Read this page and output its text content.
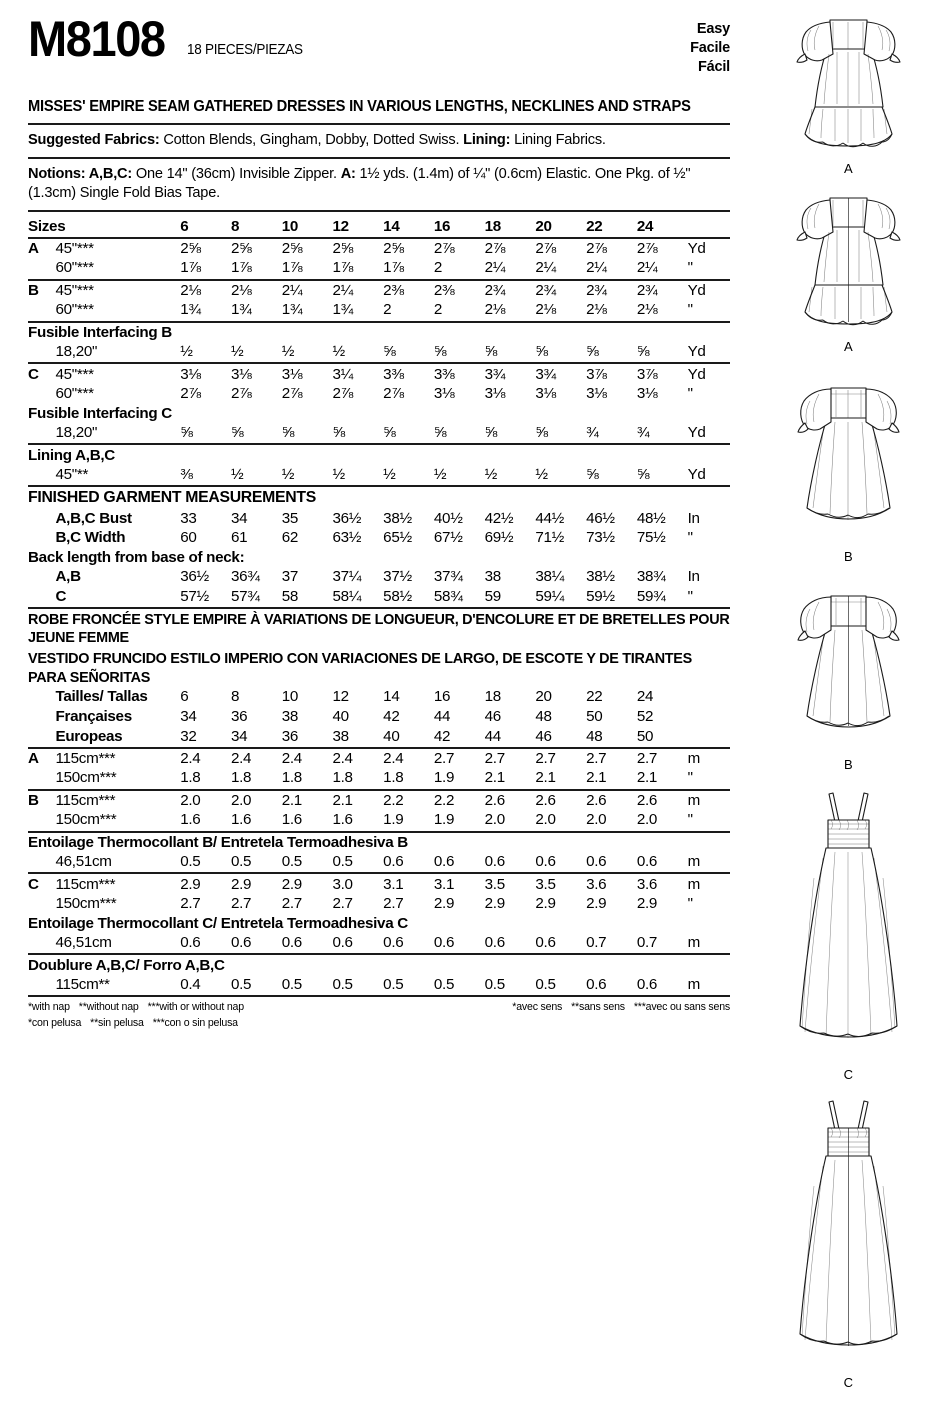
M8108 18 PIECES/PIEZAS
Easy
Facile
Fácil
MISSES' EMPIRE SEAM GATHERED DRESSES IN VARIOUS LENGTHS, NECKLINES AND STRAPS
Suggested Fabrics: Cotton Blends, Gingham, Dobby, Dotted Swiss. Lining: Lining Fabrics.
Notions: A,B,C: One 14" (36cm) Invisible Zipper. A: 1½ yds. (1.4m) of ¼" (0.6cm) Elastic. One Pkg. of ½" (1.3cm) Single Fold Bias Tape.
Sizes		6	8	10	12	14	16	18	20	22	24	
A	45"***	2⅝	2⅝	2⅝	2⅝	2⅝	2⅞	2⅞	2⅞	2⅞	2⅞	Yd
	60"***	1⅞	1⅞	1⅞	1⅞	1⅞	2	2¼	2¼	2¼	2¼	"
B	45"***	2⅛	2⅛	2¼	2¼	2⅜	2⅜	2¾	2¾	2¾	2¾	Yd
	60"***	1¾	1¾	1¾	1¾	2	2	2⅛	2⅛	2⅛	2⅛	"
Fusible Interfacing B												
	18,20"	½	½	½	½	⅝	⅝	⅝	⅝	⅝	⅝	Yd
C	45"***	3⅛	3⅛	3⅛	3¼	3⅜	3⅜	3¾	3¾	3⅞	3⅞	Yd
	60"***	2⅞	2⅞	2⅞	2⅞	2⅞	3⅛	3⅛	3⅛	3⅛	3⅛	"
Fusible Interfacing C												
	18,20"	⅝	⅝	⅝	⅝	⅝	⅝	⅝	⅝	¾	¾	Yd
Lining A,B,C												
	45"**	⅜	½	½	½	½	½	½	½	⅝	⅝	Yd
FINISHED GARMENT MEASUREMENTS
	A,B,C Bust	33	34	35	36½	38½	40½	42½	44½	46½	48½	In
	B,C Width	60	61	62	63½	65½	67½	69½	71½	73½	75½	"
Back length from base of neck:												
	A,B	36½	36¾	37	37¼	37½	37¾	38	38¼	38½	38¾	In
	C	57½	57¾	58	58¼	58½	58¾	59	59¼	59½	59¾	"
ROBE FRONCÉE STYLE EMPIRE À VARIATIONS DE LONGUEUR, D'ENCOLURE ET DE BRETELLES POUR JEUNE FEMME
VESTIDO FRUNCIDO ESTILO IMPERIO CON VARIACIONES DE LARGO, DE ESCOTE Y DE TIRANTES PARA SEÑORITAS
	Tailles/ Tallas	6	8	10	12	14	16	18	20	22	24	
	Françaises	34	36	38	40	42	44	46	48	50	52	
	Europeas	32	34	36	38	40	42	44	46	48	50	
A	115cm***	2.4	2.4	2.4	2.4	2.4	2.7	2.7	2.7	2.7	2.7	m
	150cm***	1.8	1.8	1.8	1.8	1.8	1.9	2.1	2.1	2.1	2.1	"
B	115cm***	2.0	2.0	2.1	2.1	2.2	2.2	2.6	2.6	2.6	2.6	m
	150cm***	1.6	1.6	1.6	1.6	1.9	1.9	2.0	2.0	2.0	2.0	"
Entoilage Thermocollant B/ Entretela Termoadhesiva B												
	46,51cm	0.5	0.5	0.5	0.5	0.6	0.6	0.6	0.6	0.6	0.6	m
C	115cm***	2.9	2.9	2.9	3.0	3.1	3.1	3.5	3.5	3.6	3.6	m
	150cm***	2.7	2.7	2.7	2.7	2.7	2.9	2.9	2.9	2.9	2.9	"
Entoilage Thermocollant C/ Entretela Termoadhesiva C												
	46,51cm	0.6	0.6	0.6	0.6	0.6	0.6	0.6	0.6	0.7	0.7	m
Doublure A,B,C/ Forro A,B,C												
	115cm**	0.4	0.5	0.5	0.5	0.5	0.5	0.5	0.5	0.6	0.6	m
*with nap **without nap ***with or without nap
*con pelusa **sin pelusa ***con o sin pelusa
*avec sens **sans sens ***avec ou sans sens
A
A
B
B
C
C
